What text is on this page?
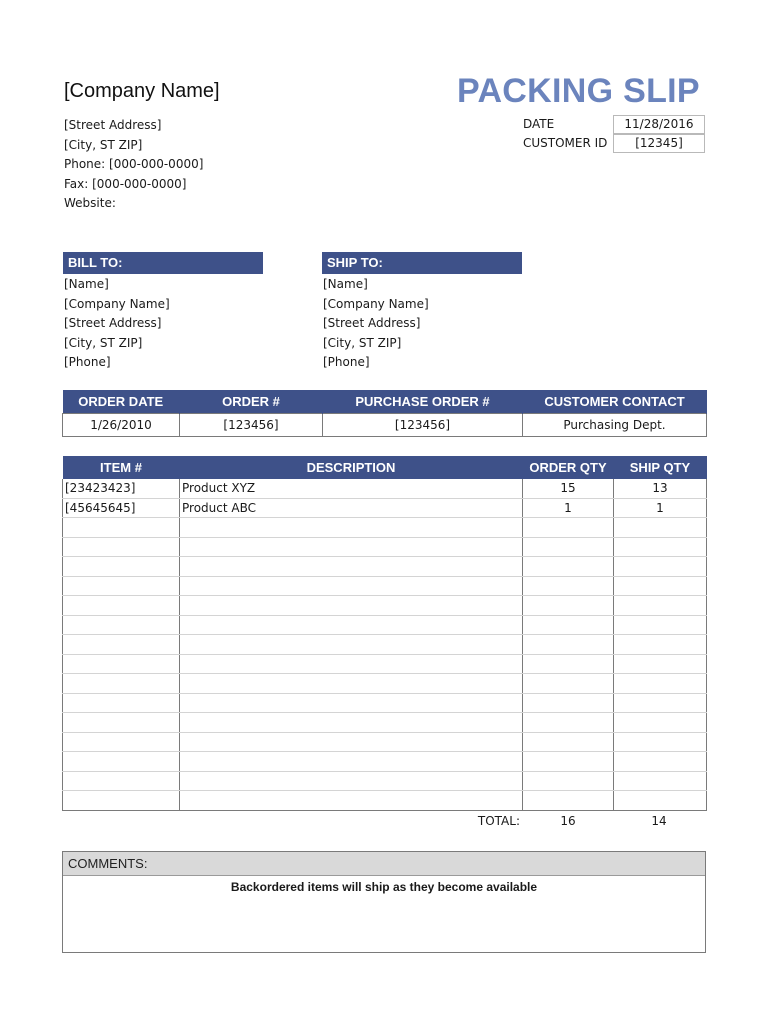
[Company Name]	PACKING SLIP
[Street Address]
[City, ST ZIP]
Phone: [000-000-0000]
Fax: [000-000-0000]
Website:
DATE	11/28/2016
CUSTOMER ID	[12345]
BILL TO:
[Name]
[Company Name]
[Street Address]
[City, ST ZIP]
[Phone]
SHIP TO:
[Name]
[Company Name]
[Street Address]
[City, ST ZIP]
[Phone]
ORDER DATE	ORDER #	PURCHASE ORDER #	CUSTOMER CONTACT
1/26/2010	[123456]	[123456]	Purchasing Dept.
ITEM #	DESCRIPTION	ORDER QTY	SHIP QTY
[23423423]	Product XYZ	15	13
[45645645]	Product ABC	1	1

TOTAL:	16	14
COMMENTS:
Backordered items will ship as they become available
